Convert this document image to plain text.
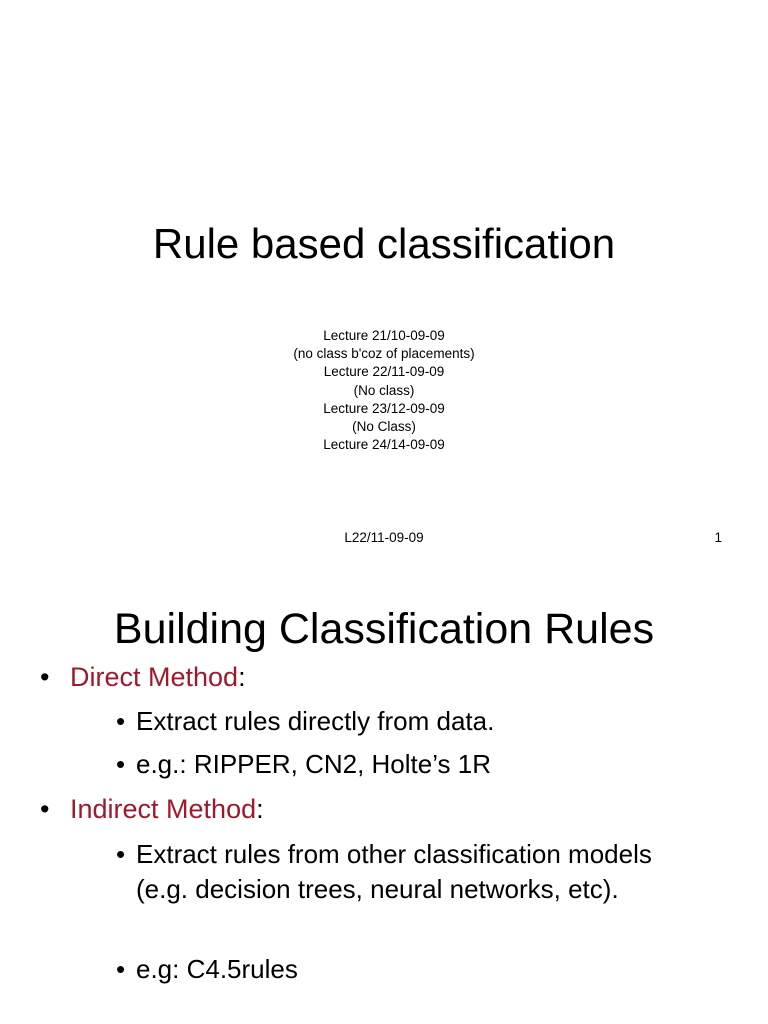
Rule based classification
Lecture 21/10-09-09
(no class b'coz of placements)
Lecture 22/11-09-09
(No class)
Lecture 23/12-09-09
(No Class)
Lecture 24/14-09-09
L22/11-09-09	1
Building Classification Rules
• Direct Method:
• Extract rules directly from data.
• e.g.: RIPPER, CN2, Holte’s 1R
• Indirect Method:
• Extract rules from other classification models (e.g. decision trees, neural networks, etc).
• e.g: C4.5rules
